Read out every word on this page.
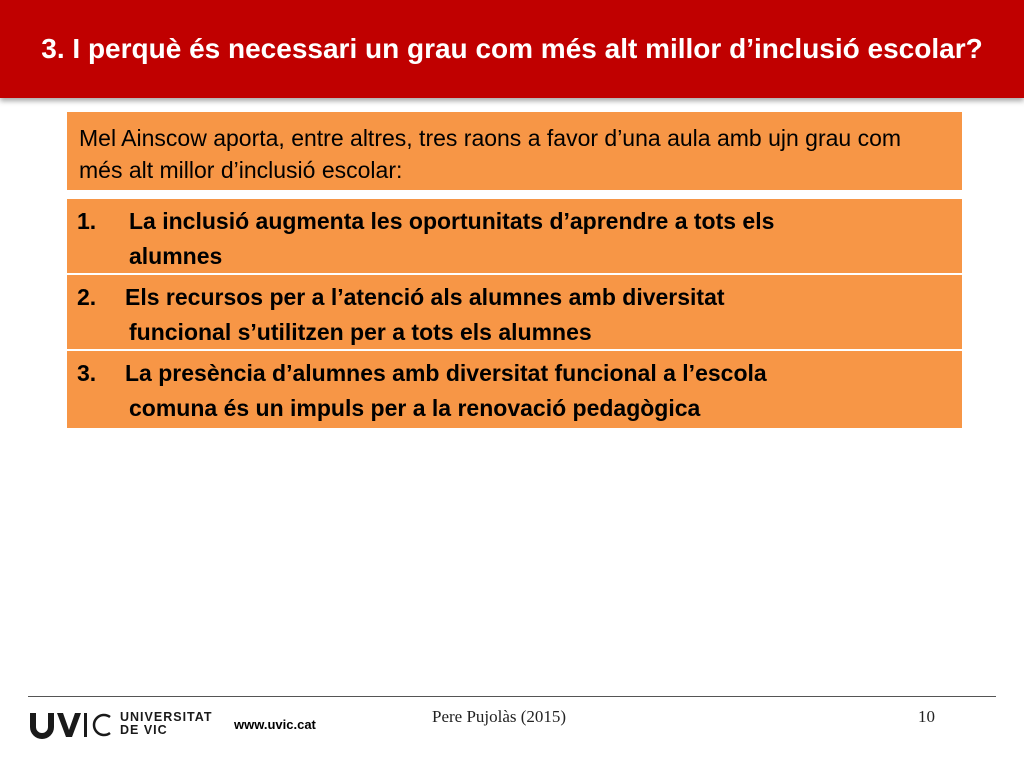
3. I perquè és necessari un grau com més alt millor d’inclusió escolar?
Mel Ainscow aporta, entre altres, tres raons a favor d’una aula amb ujn grau com més alt millor d’inclusió escolar:
1.	La inclusió augmenta les oportunitats d’aprendre a tots els
alumnes
2.	Els recursos per a l’atenció als alumnes amb diversitat
funcional s’utilitzen per a tots els alumnes
3.	La presència d’alumnes amb diversitat funcional a l’escola
comuna és un impuls per a la renovació pedagògica
UNIVERSITAT
DE VIC	www.uvic.cat	Pere Pujolàs (2015)	10
